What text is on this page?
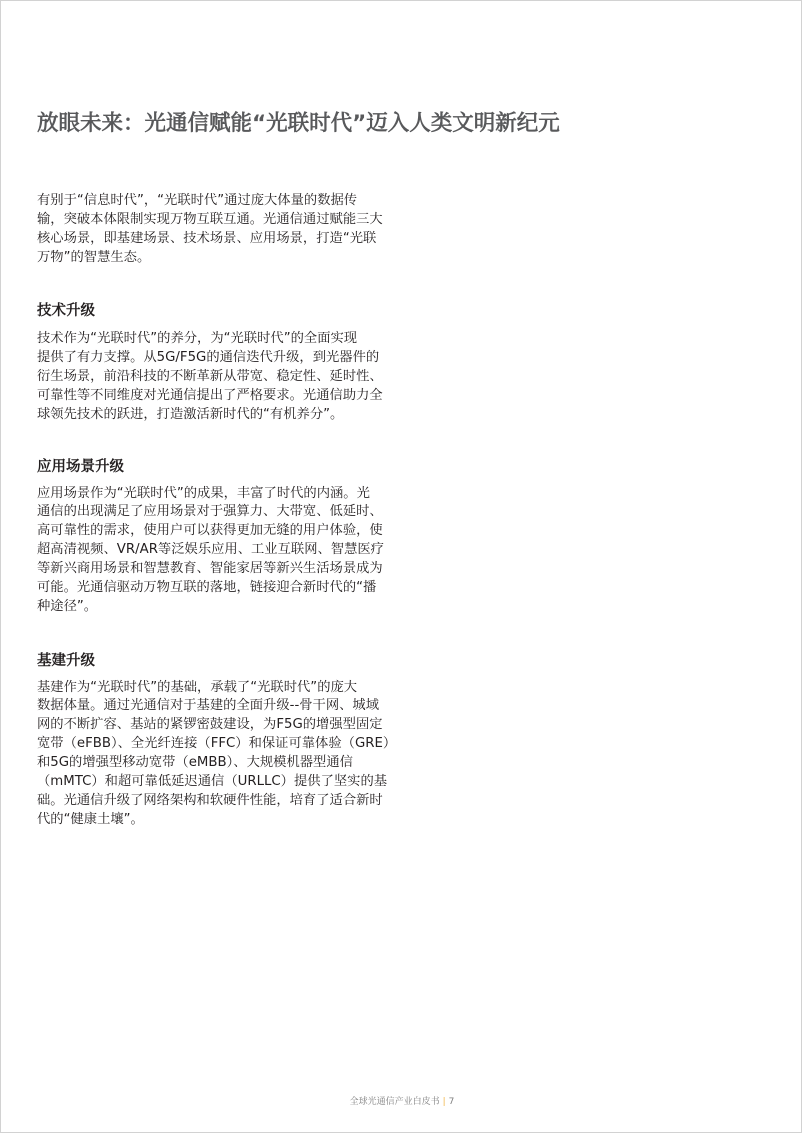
放眼未来：光通信赋能“光联时代”迈入人类文明新纪元
有别于“信息时代”，“光联时代”通过庞大体量的数据传
输，突破本体限制实现万物互联互通。光通信通过赋能三大
核心场景，即基建场景、技术场景、应用场景，打造“光联
万物”的智慧生态。
技术升级
技术作为“光联时代”的养分，为“光联时代”的全面实现
提供了有力支撑。从5G/F5G的通信迭代升级，到光器件的
衍生场景，前沿科技的不断革新从带宽、稳定性、延时性、
可靠性等不同维度对光通信提出了严格要求。光通信助力全
球领先技术的跃进，打造激活新时代的“有机养分”。
应用场景升级
应用场景作为“光联时代”的成果，丰富了时代的内涵。光
通信的出现满足了应用场景对于强算力、大带宽、低延时、
高可靠性的需求，使用户可以获得更加无缝的用户体验，使
超高清视频、VR/AR等泛娱乐应用、工业互联网、智慧医疗
等新兴商用场景和智慧教育、智能家居等新兴生活场景成为
可能。光通信驱动万物互联的落地，链接迎合新时代的“播
种途径”。
基建升级
基建作为“光联时代”的基础，承载了“光联时代”的庞大
数据体量。通过光通信对于基建的全面升级--骨干网、城域
网的不断扩容、基站的紧锣密鼓建设，为F5G的增强型固定
宽带（eFBB）、全光纤连接（FFC）和保证可靠体验（GRE）
和5G的增强型移动宽带（eMBB）、大规模机器型通信
（mMTC）和超可靠低延迟通信（URLLC）提供了坚实的基
础。光通信升级了网络架构和软硬件性能，培育了适合新时
代的“健康土壤”。
全球光通信产业白皮书 | 7
